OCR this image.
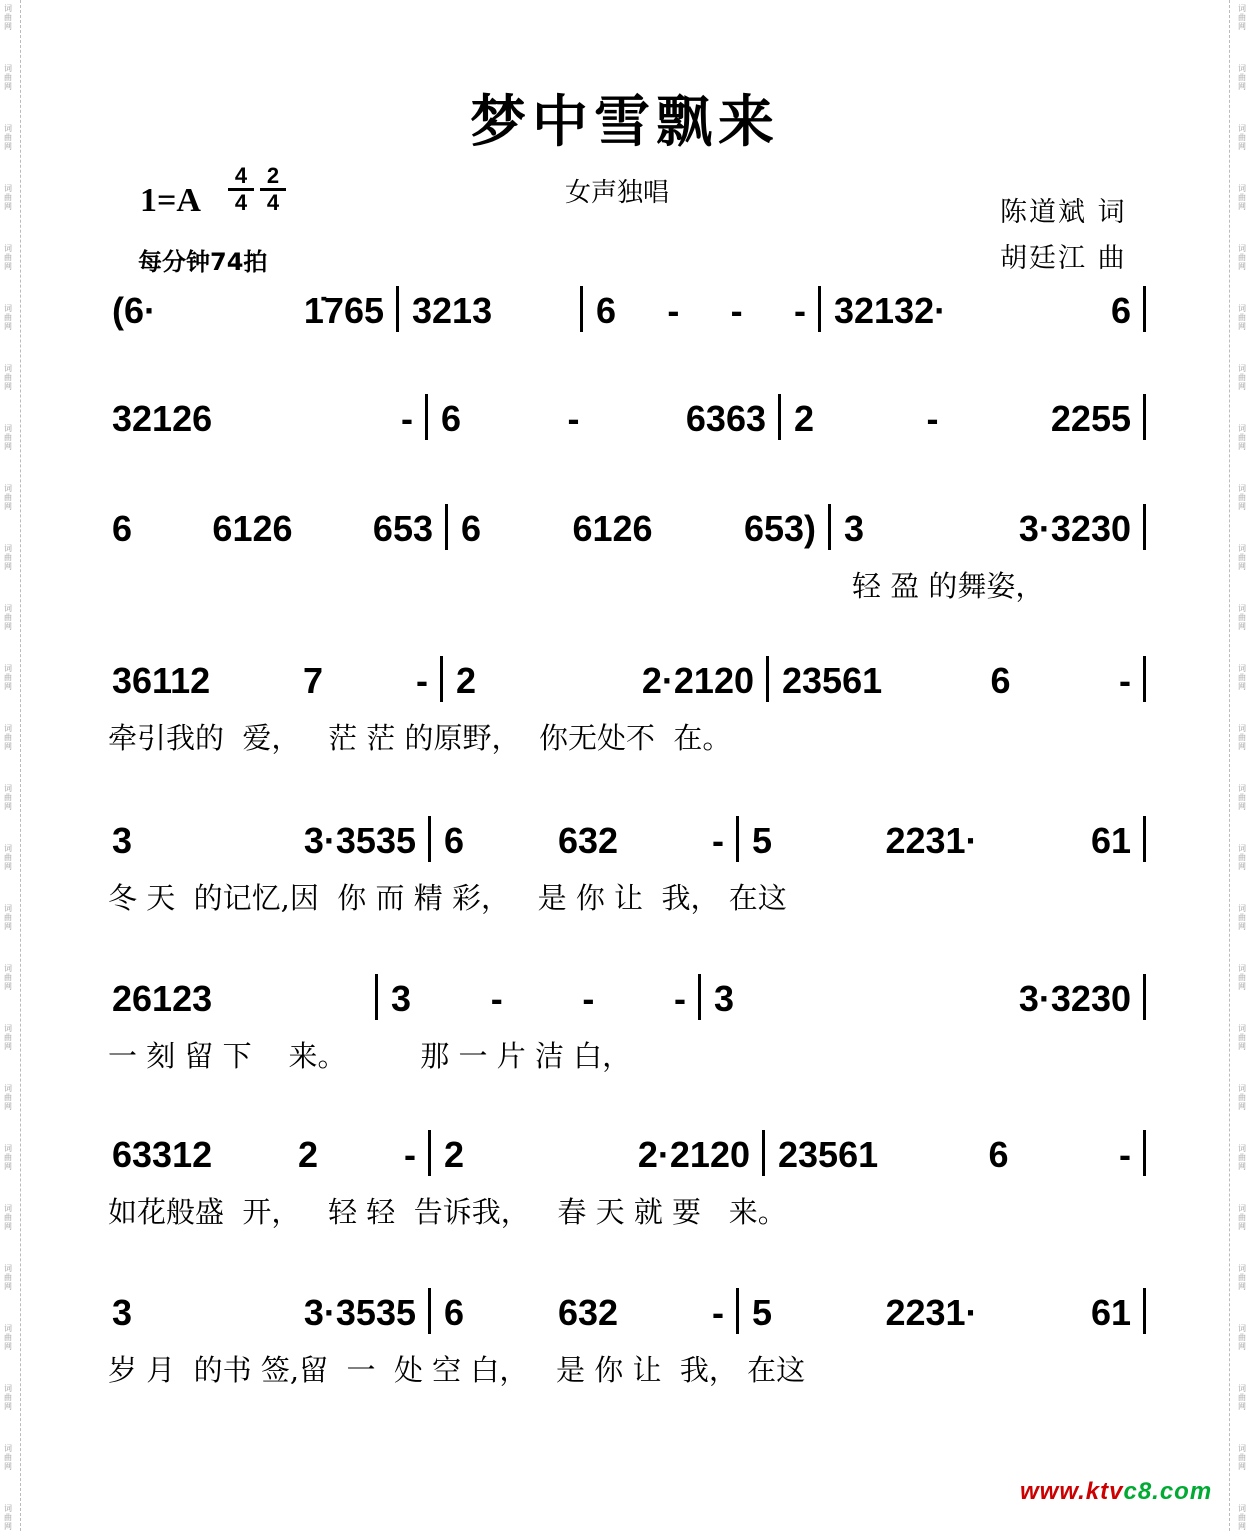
词
曲
网
词
曲
网
词
曲
网
词
曲
网
词
曲
网
词
曲
网
词
曲
网
词
曲
网
词
曲
网
词
曲
网
词
曲
网
词
曲
网
词
曲
网
词
曲
网
词
曲
网
词
曲
网
词
曲
网
词
曲
网
词
曲
网
词
曲
网
词
曲
网
词
曲
网
词
曲
网
词
曲
网
词
曲
网
词
曲
网
词
曲
网
词
曲
网
词
曲
网
词
曲
网
词
曲
网
词
曲
网
词
曲
网
词
曲
网
词
曲
网
词
曲
网
词
曲
网
词
曲
网
词
曲
网
词
曲
网
词
曲
网
词
曲
网
词
曲
网
词
曲
网
词
曲
网
词
曲
网
词
曲
网
词
曲
网
词
曲
网
词
曲
网
词
曲
网
词
曲
网
梦中雪飘来
$1=A \frac{4}{4} \frac{2}{4}$
每分钟74拍
女声独唱
陈道斌 词
胡廷江 曲
(6· 1̇765 3213	6 - - - 32132· 6
32126 - 6 - 6363 2 - 2255
6 6126 653 6 6126 653) 3 3·3230
轻 盈 的舞姿，
36112 7 - 2 2·2120 23561 6 -
牵引我的  爱，   茫 茫 的原野，  你无处不  在。
3 3·3535 6 632 - 5 2231· 61
冬 天  的记忆,因  你 而 精 彩，   是 你 让  我， 在这
26123	3 - - - 3 3·3230
一 刻 留 下    来。        那 一 片 洁 白，
63312 2 - 2 2·2120 23561 6 -
如花般盛  开，   轻 轻  告诉我，   春 天 就 要   来。
3 3·3535 6 632 - 5 2231· 61
岁 月  的书 签,留  一  处 空 白，   是 你 让  我， 在这
www.ktvc8.com
